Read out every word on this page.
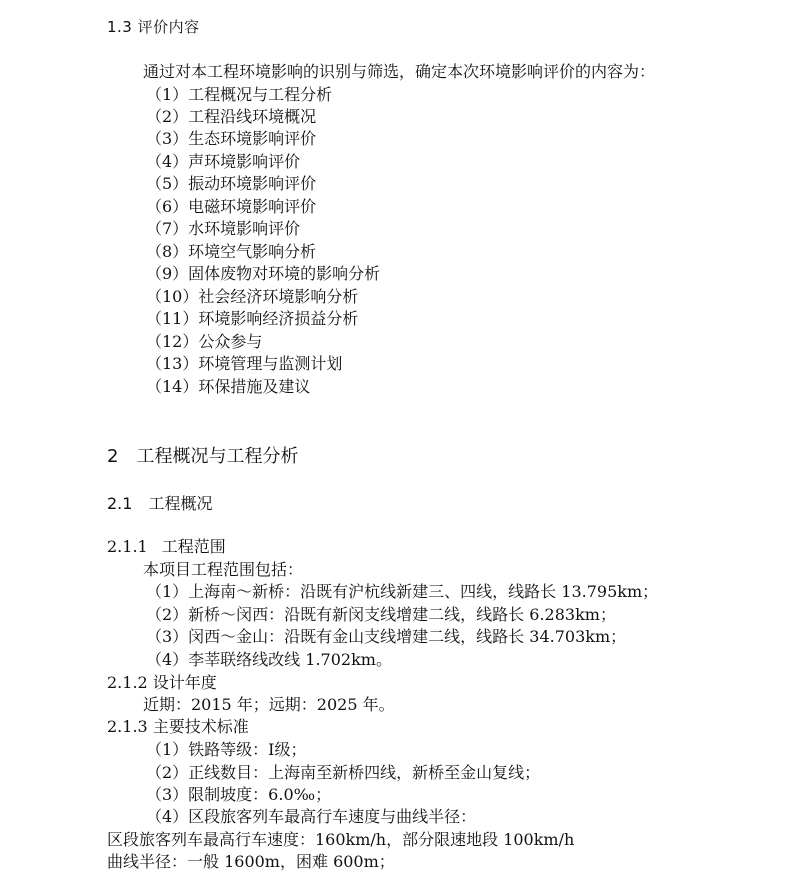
1.3 评价内容
通过对本工程环境影响的识别与筛选，确定本次环境影响评价的内容为：
（1）工程概况与工程分析
（2）工程沿线环境概况
（3）生态环境影响评价
（4）声环境影响评价
（5）振动环境影响评价
（6）电磁环境影响评价
（7）水环境影响评价
（8）环境空气影响分析
（9）固体废物对环境的影响分析
（10）社会经济环境影响分析
（11）环境影响经济损益分析
（12）公众参与
（13）环境管理与监测计划
（14）环保措施及建议
2 工程概况与工程分析
2.1 工程概况
2.1.1 工程范围
本项目工程范围包括：
（1）上海南～新桥：沿既有沪杭线新建三、四线，线路长 13.795km；
（2）新桥～闵西：沿既有新闵支线增建二线，线路长 6.283km；
（3）闵西～金山：沿既有金山支线增建二线，线路长 34.703km；
（4）李莘联络线改线 1.702km。
2.1.2 设计年度
近期：2015 年；远期：2025 年。
2.1.3 主要技术标准
（1）铁路等级：Ⅰ级；
（2）正线数目：上海南至新桥四线，新桥至金山复线；
（3）限制坡度：6.0‰；
（4）区段旅客列车最高行车速度与曲线半径：
区段旅客列车最高行车速度：160km/h，部分限速地段 100km/h
曲线半径：一般 1600m，困难 600m；
